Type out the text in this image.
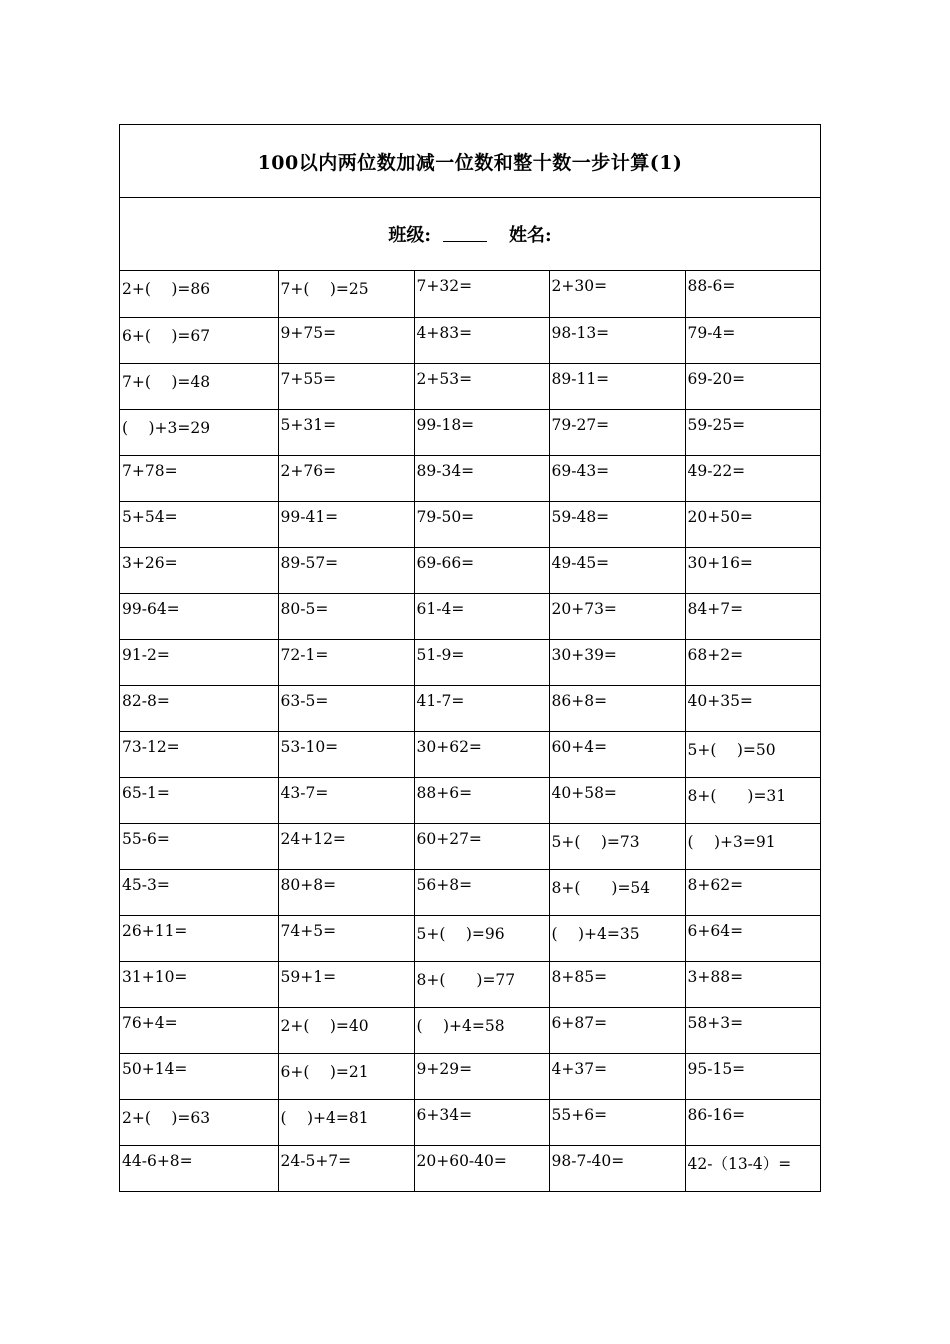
100以内两位数加减一位数和整十数一步计算(1)
班级:	姓名:
2+(　 )=86	7+(　 )=25	7+32=	2+30=	88-6=
6+(　 )=67	9+75=	4+83=	98-13=	79-4=
7+(　 )=48	7+55=	2+53=	89-11=	69-20=
(　 )+3=29	5+31=	99-18=	79-27=	59-25=
7+78=	2+76=	89-34=	69-43=	49-22=
5+54=	99-41=	79-50=	59-48=	20+50=
3+26=	89-57=	69-66=	49-45=	30+16=
99-64=	80-5=	61-4=	20+73=	84+7=
91-2=	72-1=	51-9=	30+39=	68+2=
82-8=	63-5=	41-7=	86+8=	40+35=
73-12=	53-10=	30+62=	60+4=	5+(　 )=50
65-1=	43-7=	88+6=	40+58=	8+(　　)=31
55-6=	24+12=	60+27=	5+(　 )=73	(　 )+3=91
45-3=	80+8=	56+8=	8+(　　)=54	8+62=
26+11=	74+5=	5+(　 )=96	(　 )+4=35	6+64=
31+10=	59+1=	8+(　　)=77	8+85=	3+88=
76+4=	2+(　 )=40	(　 )+4=58	6+87=	58+3=
50+14=	6+(　 )=21	9+29=	4+37=	95-15=
2+(　 )=63	(　 )+4=81	6+34=	55+6=	86-16=
44-6+8=	24-5+7=	20+60-40=	98-7-40=	42-（13-4）=
